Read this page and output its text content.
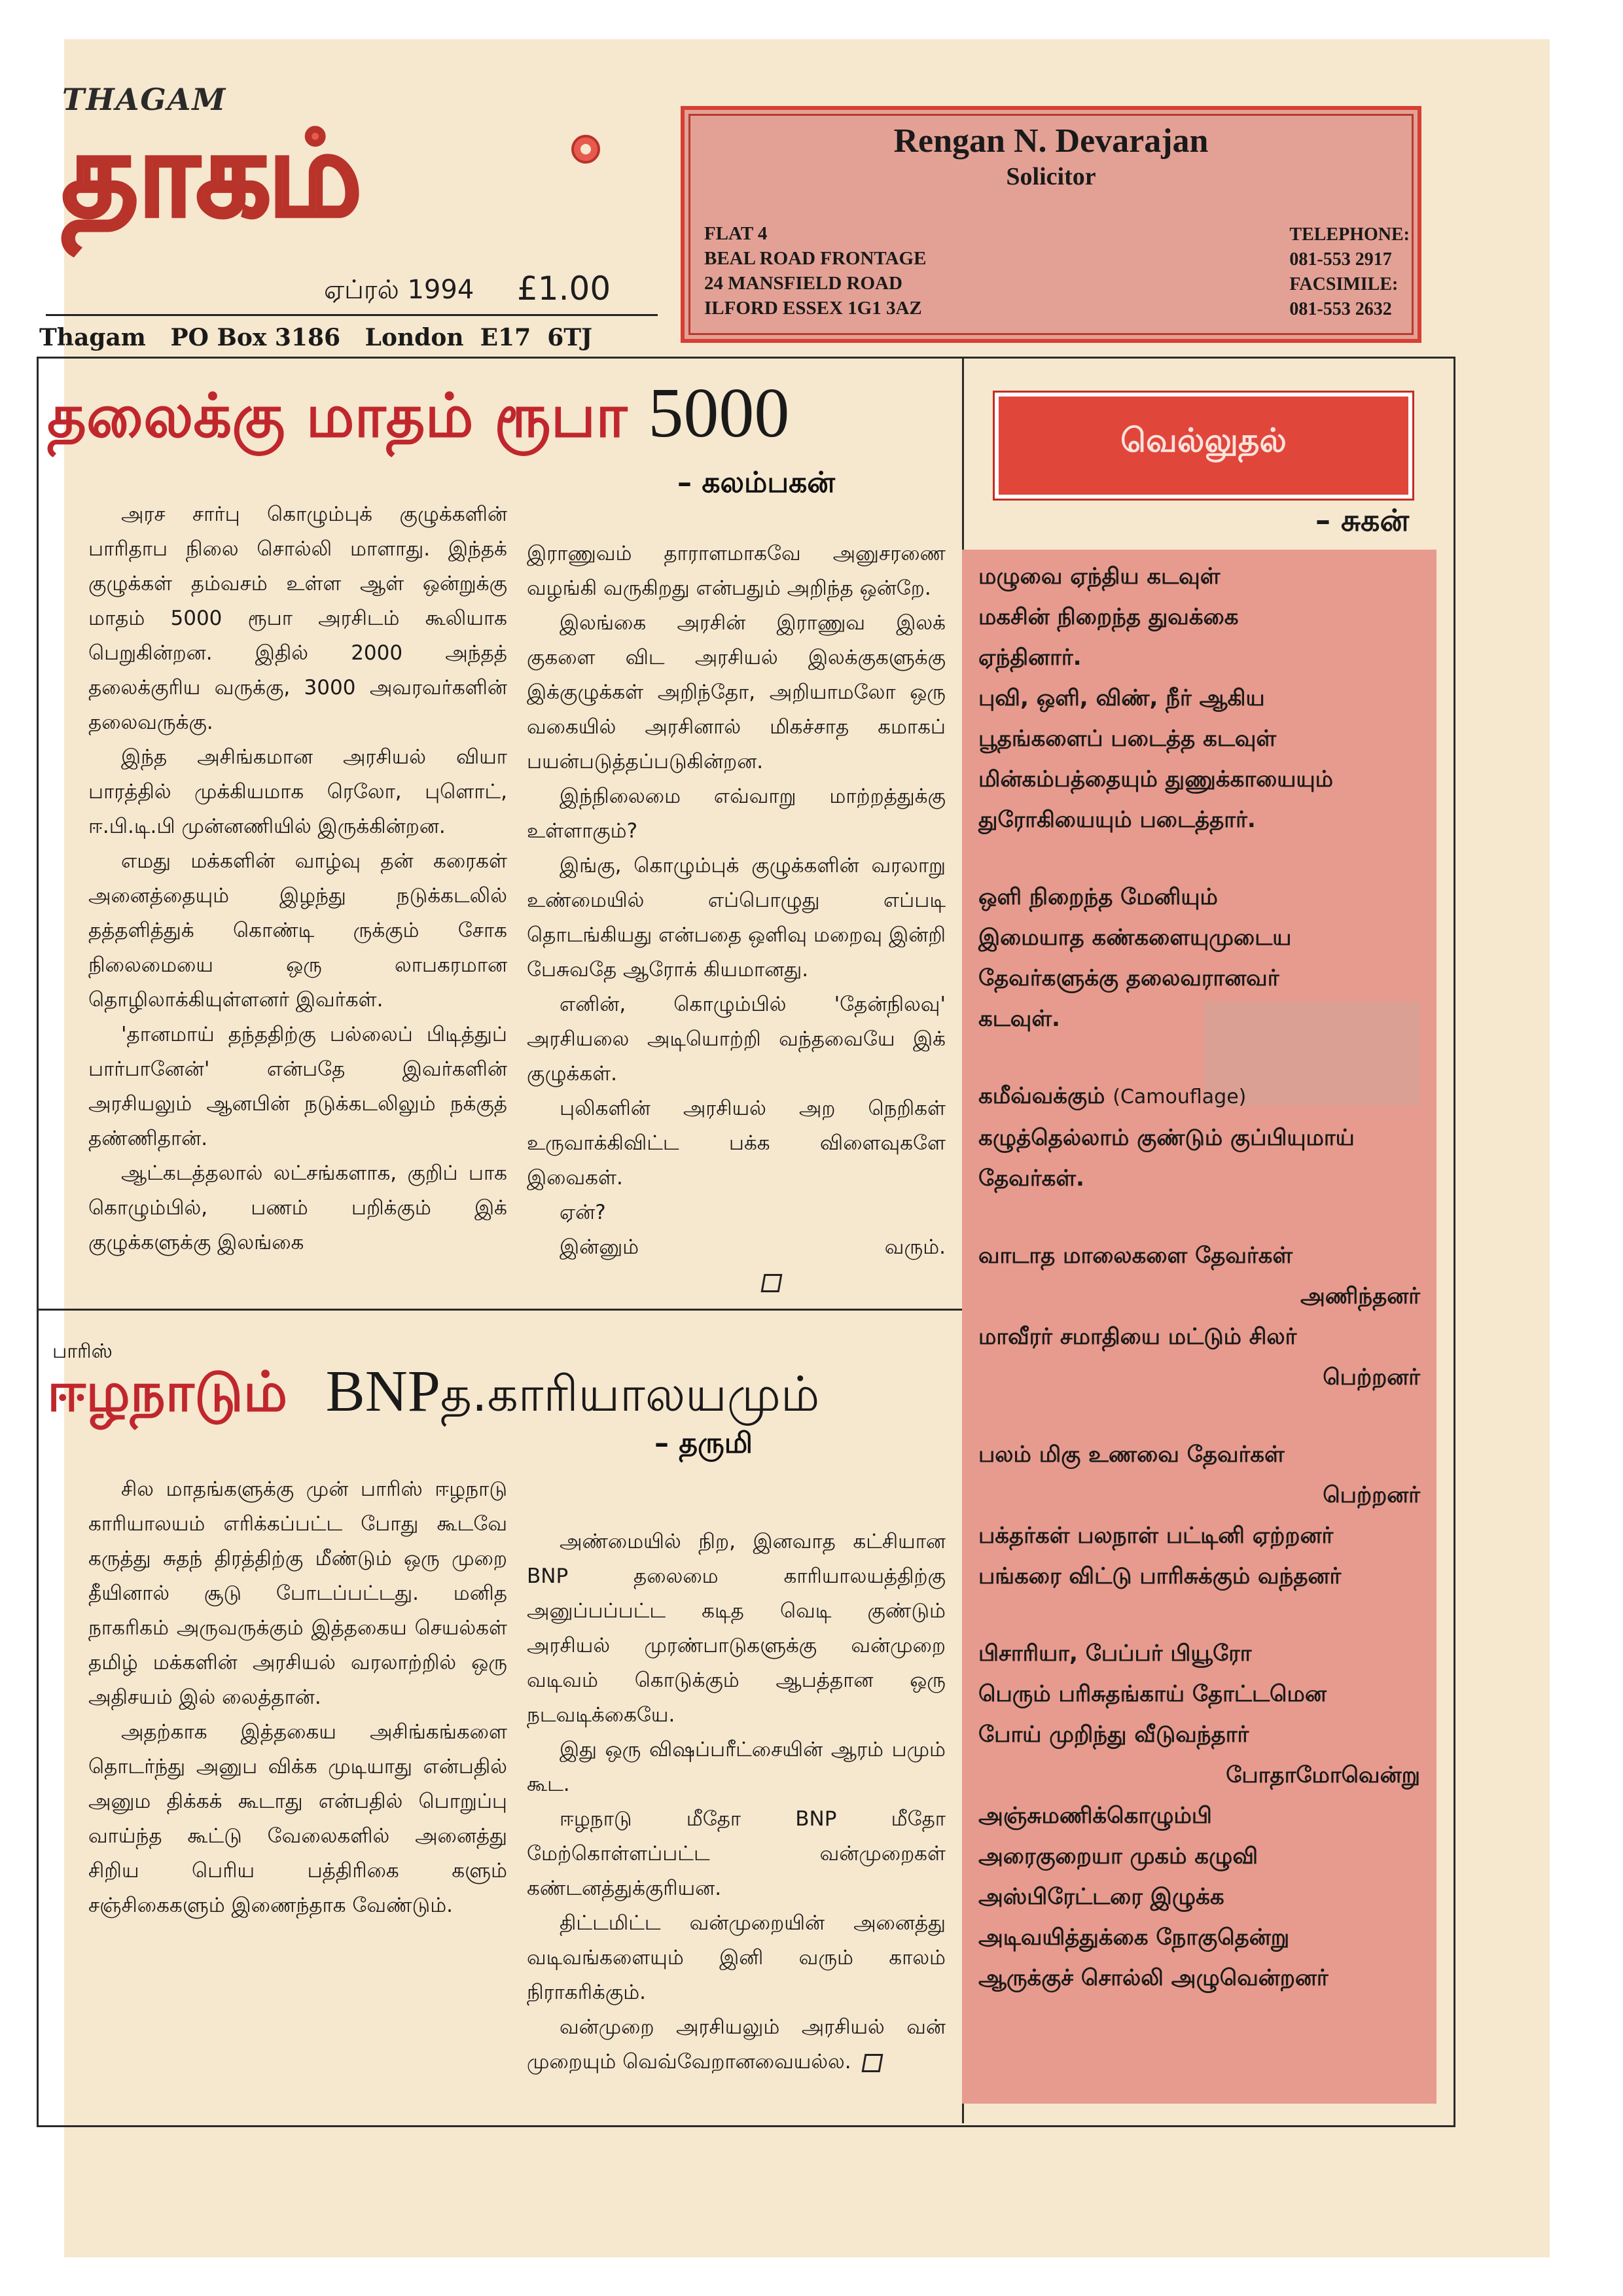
THAGAM
தாகம்
ஏப்ரல் 1994 £1.00
Thagam   PO Box 3186   London  E17  6TJ
Rengan N. Devarajan
Solicitor
FLAT 4
BEAL ROAD FRONTAGE
24 MANSFIELD ROAD
ILFORD ESSEX 1G1 3AZ
TELEPHONE:
081-553 2917
FACSIMILE:
081-553 2632
தலைக்கு மாதம் ரூபா 5000
– கலம்பகன்

அரச சார்பு கொழும்புக் குழுக்களின் பாரிதாப நிலை சொல்லி மாளாது. இந்தக் குழுக்கள் தம்வசம் உள்ள ஆள் ஒன்றுக்கு மாதம் 5000 ரூபா அரசிடம் கூலியாக பெறுகின்றன. இதில் 2000 அந்தத் தலைக்குரிய வருக்கு, 3000 அவரவர்களின் தலைவருக்கு.

இந்த அசிங்கமான அரசியல் வியா பாரத்தில் முக்கியமாக ரெலோ, புளொட், ஈ.பி.டி.பி முன்னணியில் இருக்கின்றன.

எமது மக்களின் வாழ்வு தன் கரைகள் அனைத்தையும் இழந்து நடுக்கடலில் தத்தளித்துக் கொண்டி ருக்கும் சோக நிலைமையை ஒரு லாபகரமான தொழிலாக்கியுள்ளனர் இவர்கள்.

'தானமாய் தந்ததிற்கு பல்லைப் பிடித்துப் பார்பானேன்' என்பதே இவர்களின் அரசியலும் ஆனபின் நடுக்கடலிலும் நக்குத் தண்ணிதான்.

ஆட்கடத்தலால் லட்சங்களாக, குறிப் பாக கொழும்பில், பணம் பறிக்கும் இக் குழுக்களுக்கு இலங்கை

இராணுவம் தாராளமாகவே அனுசரணை வழங்கி வருகிறது என்பதும் அறிந்த ஒன்றே.

இலங்கை அரசின் இராணுவ இலக் குகளை விட அரசியல் இலக்குகளுக்கு இக்குழுக்கள் அறிந்தோ, அறியாமலோ ஒரு வகையில் அரசினால் மிகச்சாத கமாகப் பயன்படுத்தப்படுகின்றன.

இந்நிலைமை எவ்வாறு மாற்றத்துக்கு உள்ளாகும்?

இங்கு, கொழும்புக் குழுக்களின் வரலாறு உண்மையில் எப்பொழுது எப்படி தொடங்கியது என்பதை ஒளிவு மறைவு இன்றி பேசுவதே ஆரோக் கியமானது.

எனின், கொழும்பில் 'தேன்நிலவு' அரசியலை அடியொற்றி வந்தவையே இக் குழுக்கள்.

புலிகளின் அரசியல் அற நெறிகள் உருவாக்கிவிட்ட பக்க விளைவுகளே இவைகள்.

ஏன்?

இன்னும் வரும்.

பாரிஸ்
ஈழநாடும்  BNPத.காரியாலயமும்
– தருமி

சில மாதங்களுக்கு முன் பாரிஸ் ஈழநாடு காரியாலயம் எரிக்கப்பட்ட போது கூடவே கருத்து சுதந் திரத்திற்கு மீண்டும் ஒரு முறை தீயினால் சூடு போடப்பட்டது. மனித நாகரிகம் அருவருக்கும் இத்தகைய செயல்கள் தமிழ் மக்களின் அரசியல் வரலாற்றில் ஒரு அதிசயம் இல் லைத்தான்.

அதற்காக இத்தகைய அசிங்கங்களை தொடர்ந்து அனுப விக்க முடியாது என்பதில் அனும திக்கக் கூடாது என்பதில் பொறுப்பு வாய்ந்த கூட்டு வேலைகளில் அனைத்து சிறிய பெரிய பத்திரிகை களும் சஞ்சிகைகளும் இணைந்தாக வேண்டும்.

அண்மையில் நிற, இனவாத கட்சியான BNP தலைமை காரியாலயத்திற்கு அனுப்பப்பட்ட கடித வெடி குண்டும் அரசியல் முரண்பாடுகளுக்கு வன்முறை வடிவம் கொடுக்கும் ஆபத்தான ஒரு நடவடிக்கையே.

இது ஒரு விஷப்பரீட்சையின் ஆரம் பமும் கூட.

ஈழநாடு மீதோ BNP மீதோ மேற்கொள்ளப்பட்ட வன்முறைகள் கண்டனத்துக்குரியன.

திட்டமிட்ட வன்முறையின் அனைத்து வடிவங்களையும் இனி வரும் காலம் நிராகரிக்கும்.

வன்முறை அரசியலும் அரசியல் வன் முறையும் வெவ்வேறானவையல்ல.

வெல்லுதல்
– சுகன்
மழுவை ஏந்திய கடவுள்
மகசின் நிறைந்த துவக்கை
ஏந்தினார்.
புவி, ஒளி, விண், நீர் ஆகிய
பூதங்களைப் படைத்த கடவுள்
மின்கம்பத்தையும் துணுக்காயையும்
துரோகியையும் படைத்தார்.
ஒளி நிறைந்த மேனியும்
இமையாத கண்களையுமுடைய
தேவர்களுக்கு தலைவரானவர்
கடவுள்.
கமீவ்வக்கும் (Camouflage)
கழுத்தெல்லாம் குண்டும் குப்பியுமாய்
தேவர்கள்.
வாடாத மாலைகளை தேவர்கள்
அணிந்தனர்
மாவீரர் சமாதியை மட்டும் சிலர்
பெற்றனர்
பலம் மிகு உணவை தேவர்கள்
பெற்றனர்
பக்தர்கள் பலநாள் பட்டினி ஏற்றனர்
பங்கரை விட்டு பாரிசுக்கும் வந்தனர்
பிசாரியா, பேப்பர் பியூரோ
பெரும் பரிசுதங்காய் தோட்டமென
போய் முறிந்து வீடுவந்தார்
போதாமோவென்று
அஞ்சுமணிக்கொழும்பி
அரைகுறையா முகம் கழுவி
அஸ்பிரேட்டரை இழுக்க
அடிவயித்துக்கை நோகுதென்று
ஆருக்குச் சொல்லி அழுவென்றனர்
